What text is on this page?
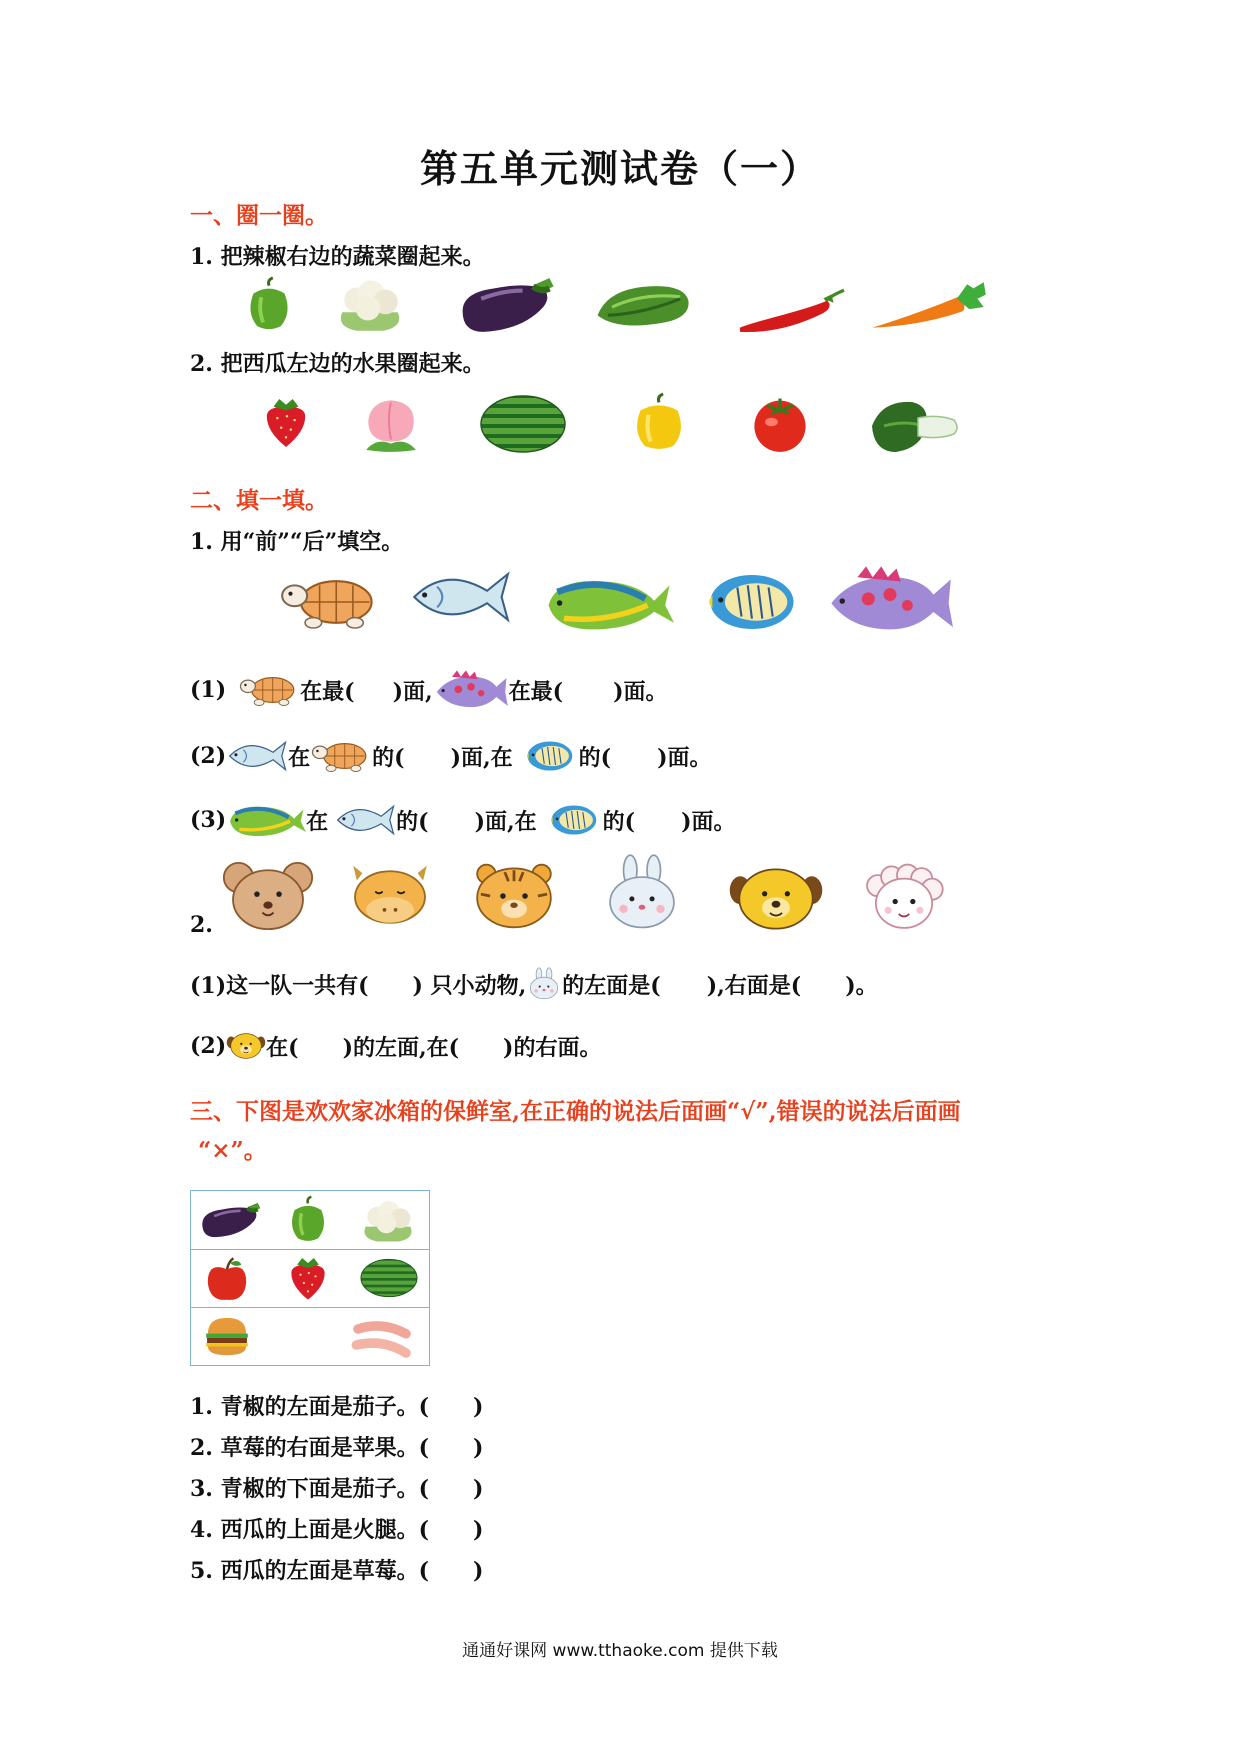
第五单元测试卷（一）
一、圈一圈。
1. 把辣椒右边的蔬菜圈起来。
2. 把西瓜左边的水果圈起来。
二、填一填。
1. 用“前”“后”填空。
(1)	在最( )面,	在最( )面。
(2)	在	的( )面,在	的( )面。
(3)	在	的( )面,在	的( )面。
2.
(1)这一队一共有( ) 只小动物, 的左面是( ),右面是( )。
(2) 在( )的左面,在( )的右面。
三、下图是欢欢家冰箱的保鲜室,在正确的说法后面画“√”,错误的说法后面画
“×”。
1. 青椒的左面是茄子。(　　)
2. 草莓的右面是苹果。(　　)
3. 青椒的下面是茄子。(　　)
4. 西瓜的上面是火腿。(　　)
5. 西瓜的左面是草莓。(　　)
通通好课网 www.tthaoke.com 提供下载
